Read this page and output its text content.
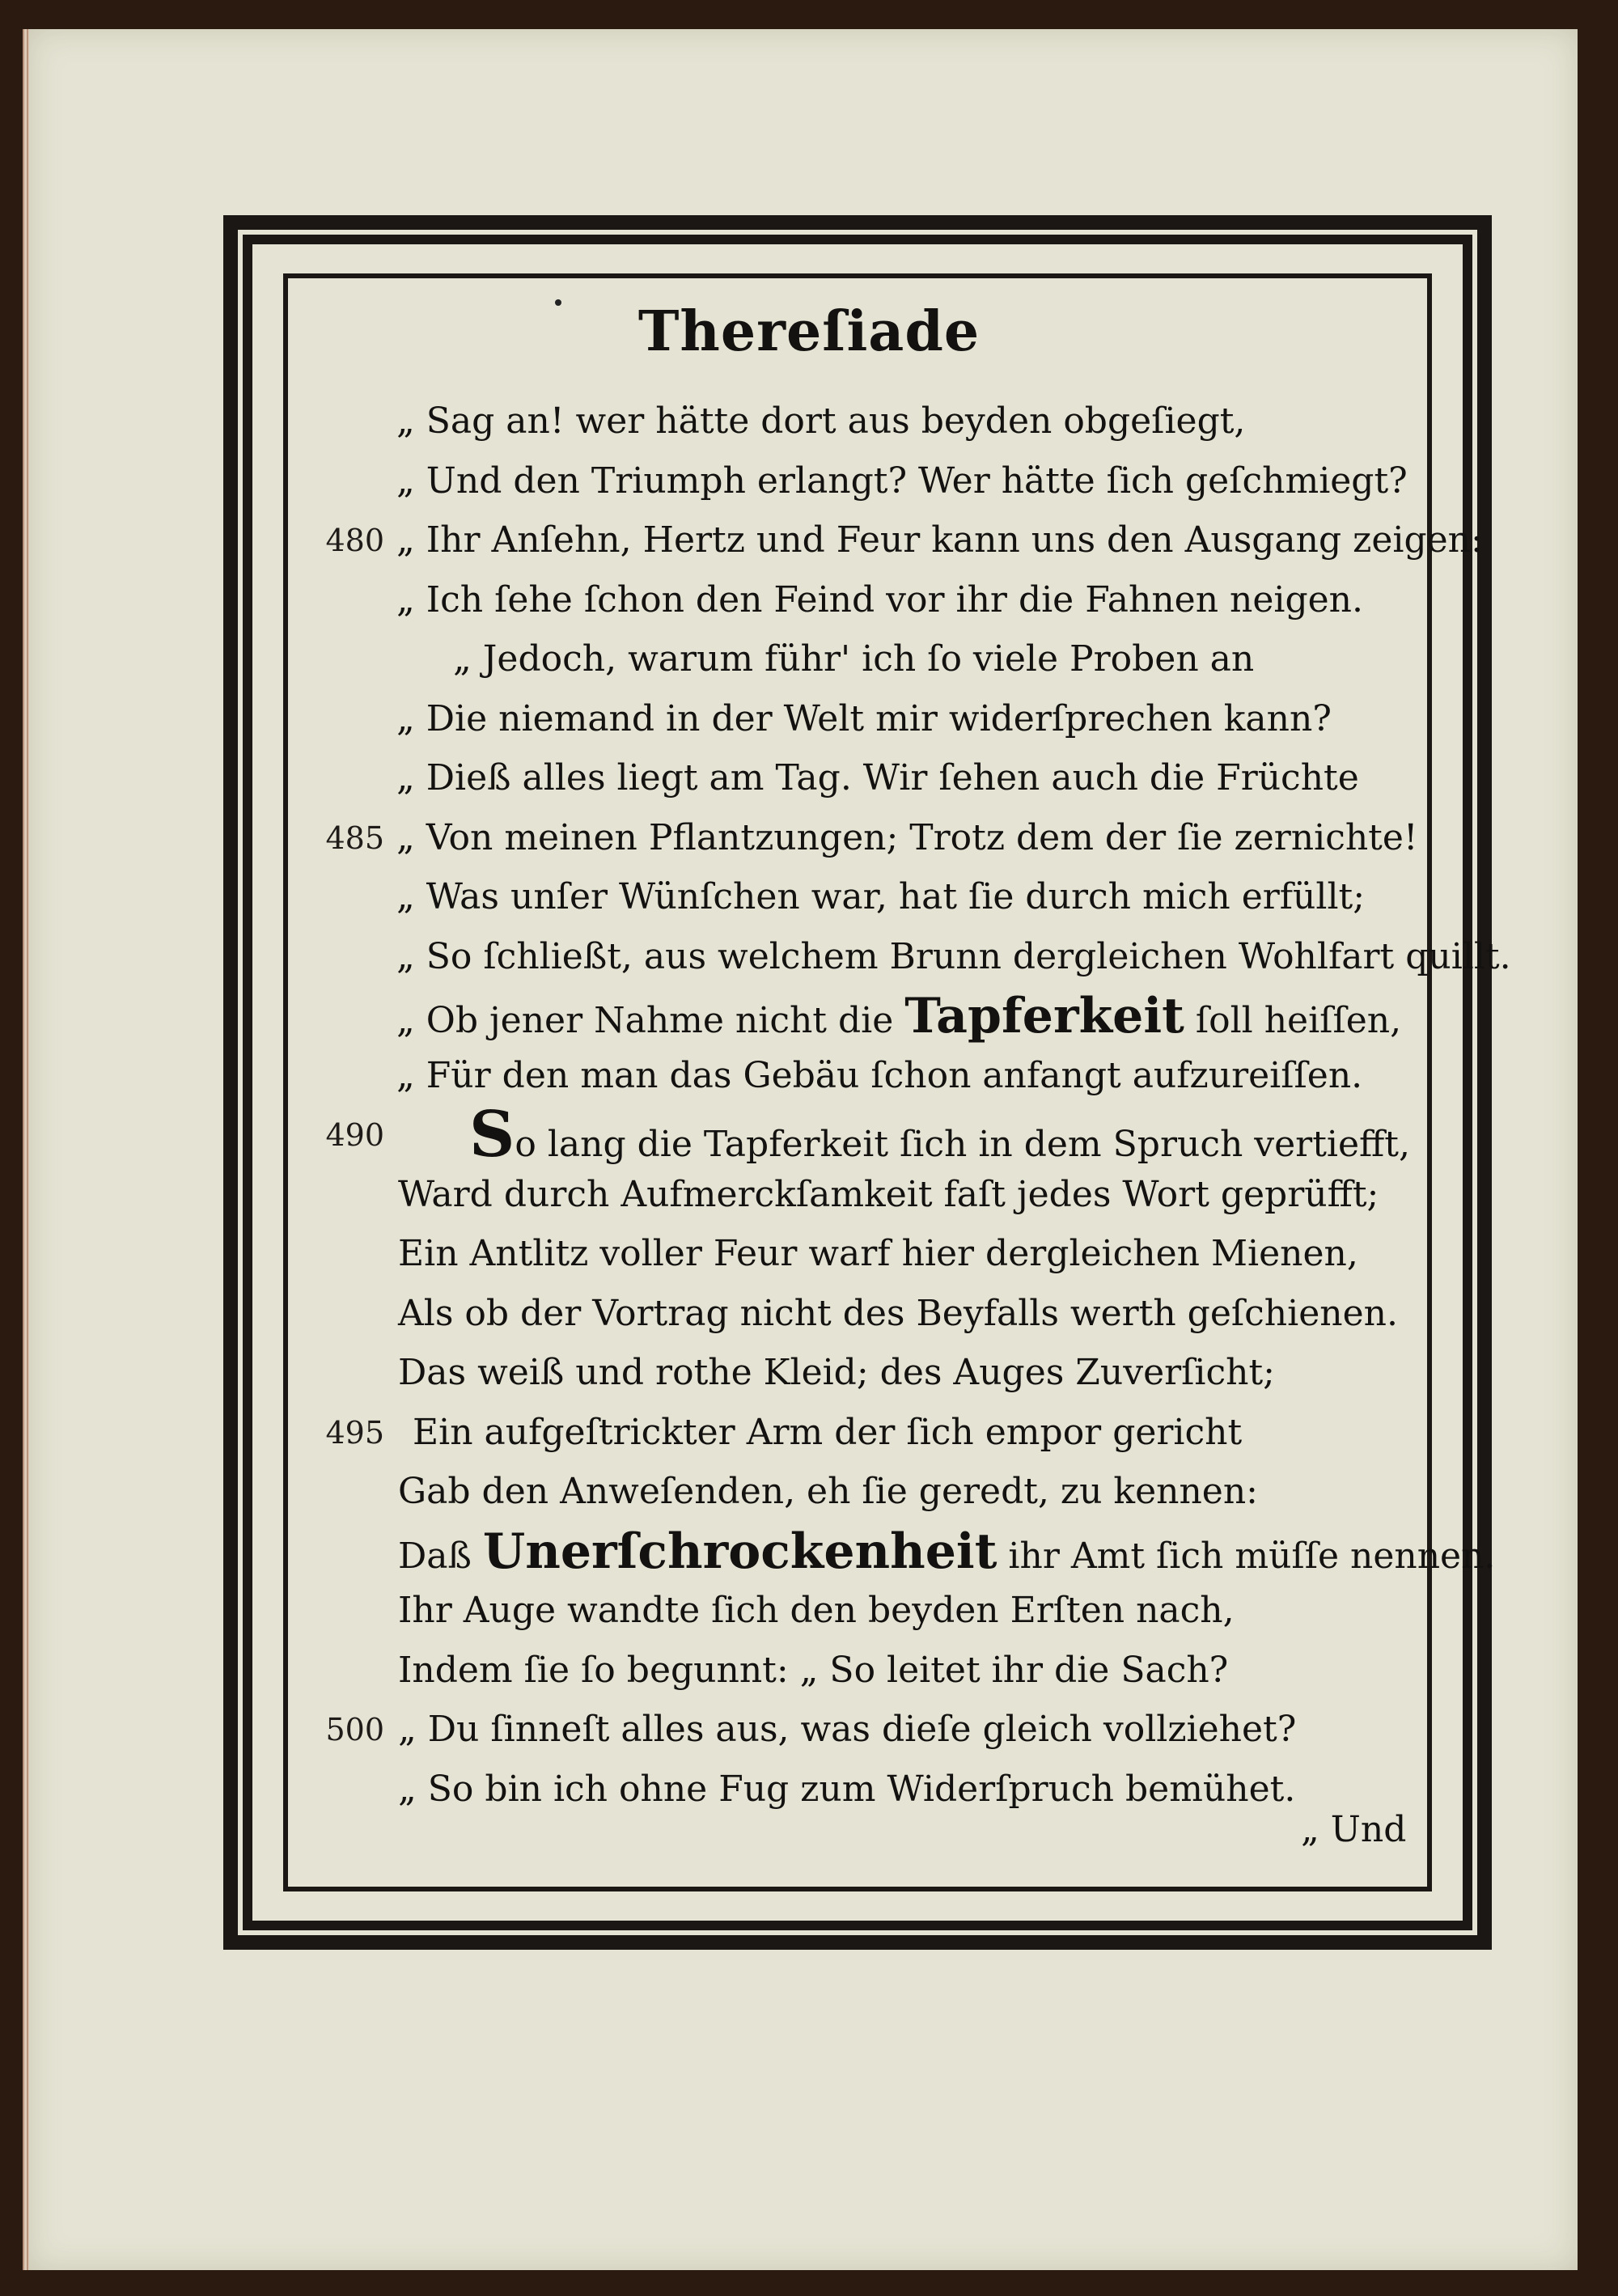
Thereſiade
„ Sag an! wer hätte dort aus beyden obgeſiegt,
„ Und den Triumph erlangt? Wer hätte ſich geſchmiegt?
480 „ Ihr Anſehn, Hertz und Feur kann uns den Ausgang zeigen:
„ Ich ſehe ſchon den Feind vor ihr die Fahnen neigen.
„ Jedoch, warum führ' ich ſo viele Proben an
„ Die niemand in der Welt mir widerſprechen kann?
„ Dieß alles liegt am Tag. Wir ſehen auch die Früchte
485 „ Von meinen Pflantzungen; Trotz dem der ſie zernichte!
„ Was unſer Wünſchen war, hat ſie durch mich erfüllt;
„ So ſchließt, aus welchem Brunn dergleichen Wohlfart quillt.
„ Ob jener Nahme nicht die Tapferkeit ſoll heiſſen,
„ Für den man das Gebäu ſchon anfangt aufzureiſſen.
490 So lang die Tapferkeit ſich in dem Spruch vertiefft,
Ward durch Aufmerckſamkeit faſt jedes Wort geprüfft;
Ein Antlitz voller Feur warf hier dergleichen Mienen,
Als ob der Vortrag nicht des Beyfalls werth geſchienen.
Das weiß und rothe Kleid; des Auges Zuverſicht;
495 Ein aufgeſtrickter Arm der ſich empor gericht
Gab den Anweſenden, eh ſie geredt, zu kennen:
Daß Unerſchrockenheit ihr Amt ſich müſſe nennen.
Ihr Auge wandte ſich den beyden Erſten nach,
Indem ſie ſo begunnt: „ So leitet ihr die Sach?
500 „ Du ſinneſt alles aus, was dieſe gleich vollziehet?
„ So bin ich ohne Fug zum Widerſpruch bemühet.
„ Und
